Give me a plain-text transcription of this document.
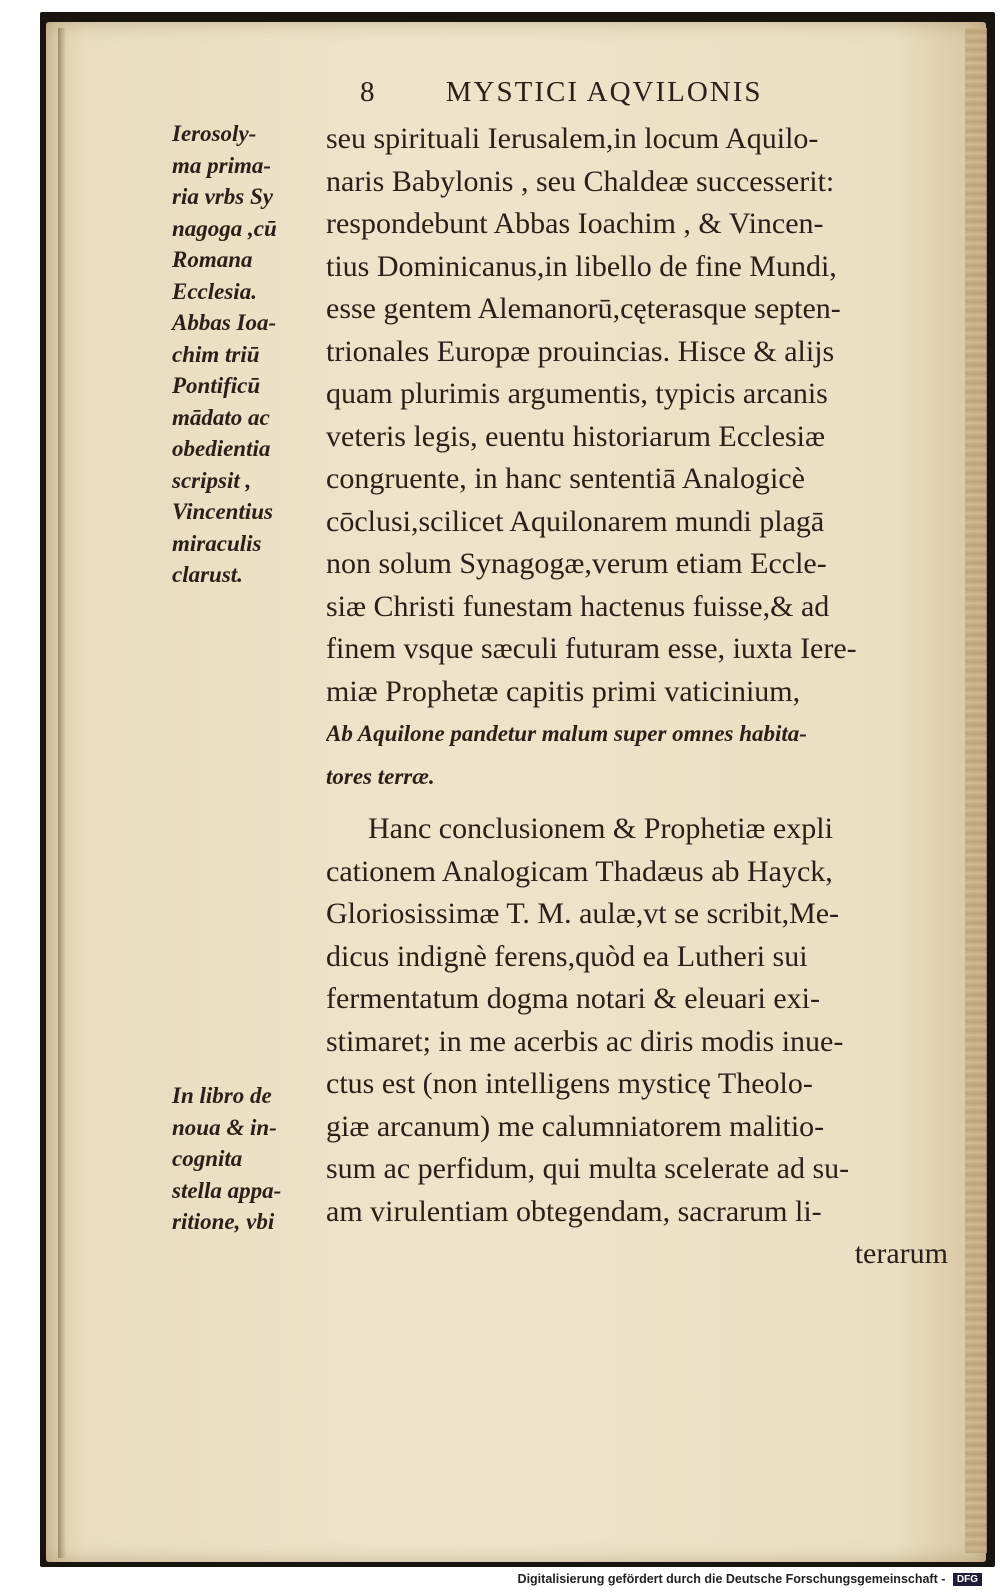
8 MYSTICI AQVILONIS
Ierosoly-
ma prima-
ria vrbs Sy
nagoga ,cū
Romana
Ecclesia.
Abbas Ioa-
chim triū
Pontificū
mādato ac
obedientia
scripsit ,
Vincentius
miraculis
clarust.
In libro de
noua & in-
cognita
stella appa-
ritione, vbi
seu spirituali Ierusalem,in locum Aquilo-
naris Babylonis , seu Chaldeæ successerit:
respondebunt Abbas Ioachim , & Vincen-
tius Dominicanus,in libello de fine Mundi,
esse gentem Alemanorū,cęterasque septen-
trionales Europæ prouincias. Hisce & alijs
quam plurimis argumentis, typicis arcanis
veteris legis, euentu historiarum Ecclesiæ
congruente, in hanc sententiā Analogicè
cōclusi,scilicet Aquilonarem mundi plagā
non solum Synagogæ,verum etiam Eccle-
siæ Christi funestam hactenus fuisse,& ad
finem vsque sæculi futuram esse, iuxta Iere-
miæ Prophetæ capitis primi vaticinium,
Ab Aquilone pandetur malum super omnes habita-
tores terræ.
Hanc conclusionem & Prophetiæ expli
cationem Analogicam Thadæus ab Hayck,
Gloriosissimæ T. M. aulæ,vt se scribit,Me-
dicus indignè ferens,quòd ea Lutheri sui
fermentatum dogma notari & eleuari exi-
stimaret; in me acerbis ac diris modis inue-
ctus est (non intelligens mysticę Theolo-
giæ arcanum) me calumniatorem malitio-
sum ac perfidum, qui multa scelerate ad su-
am virulentiam obtegendam, sacrarum li-
terarum
Digitalisierung gefördert durch die Deutsche Forschungsgemeinschaft - DFG
